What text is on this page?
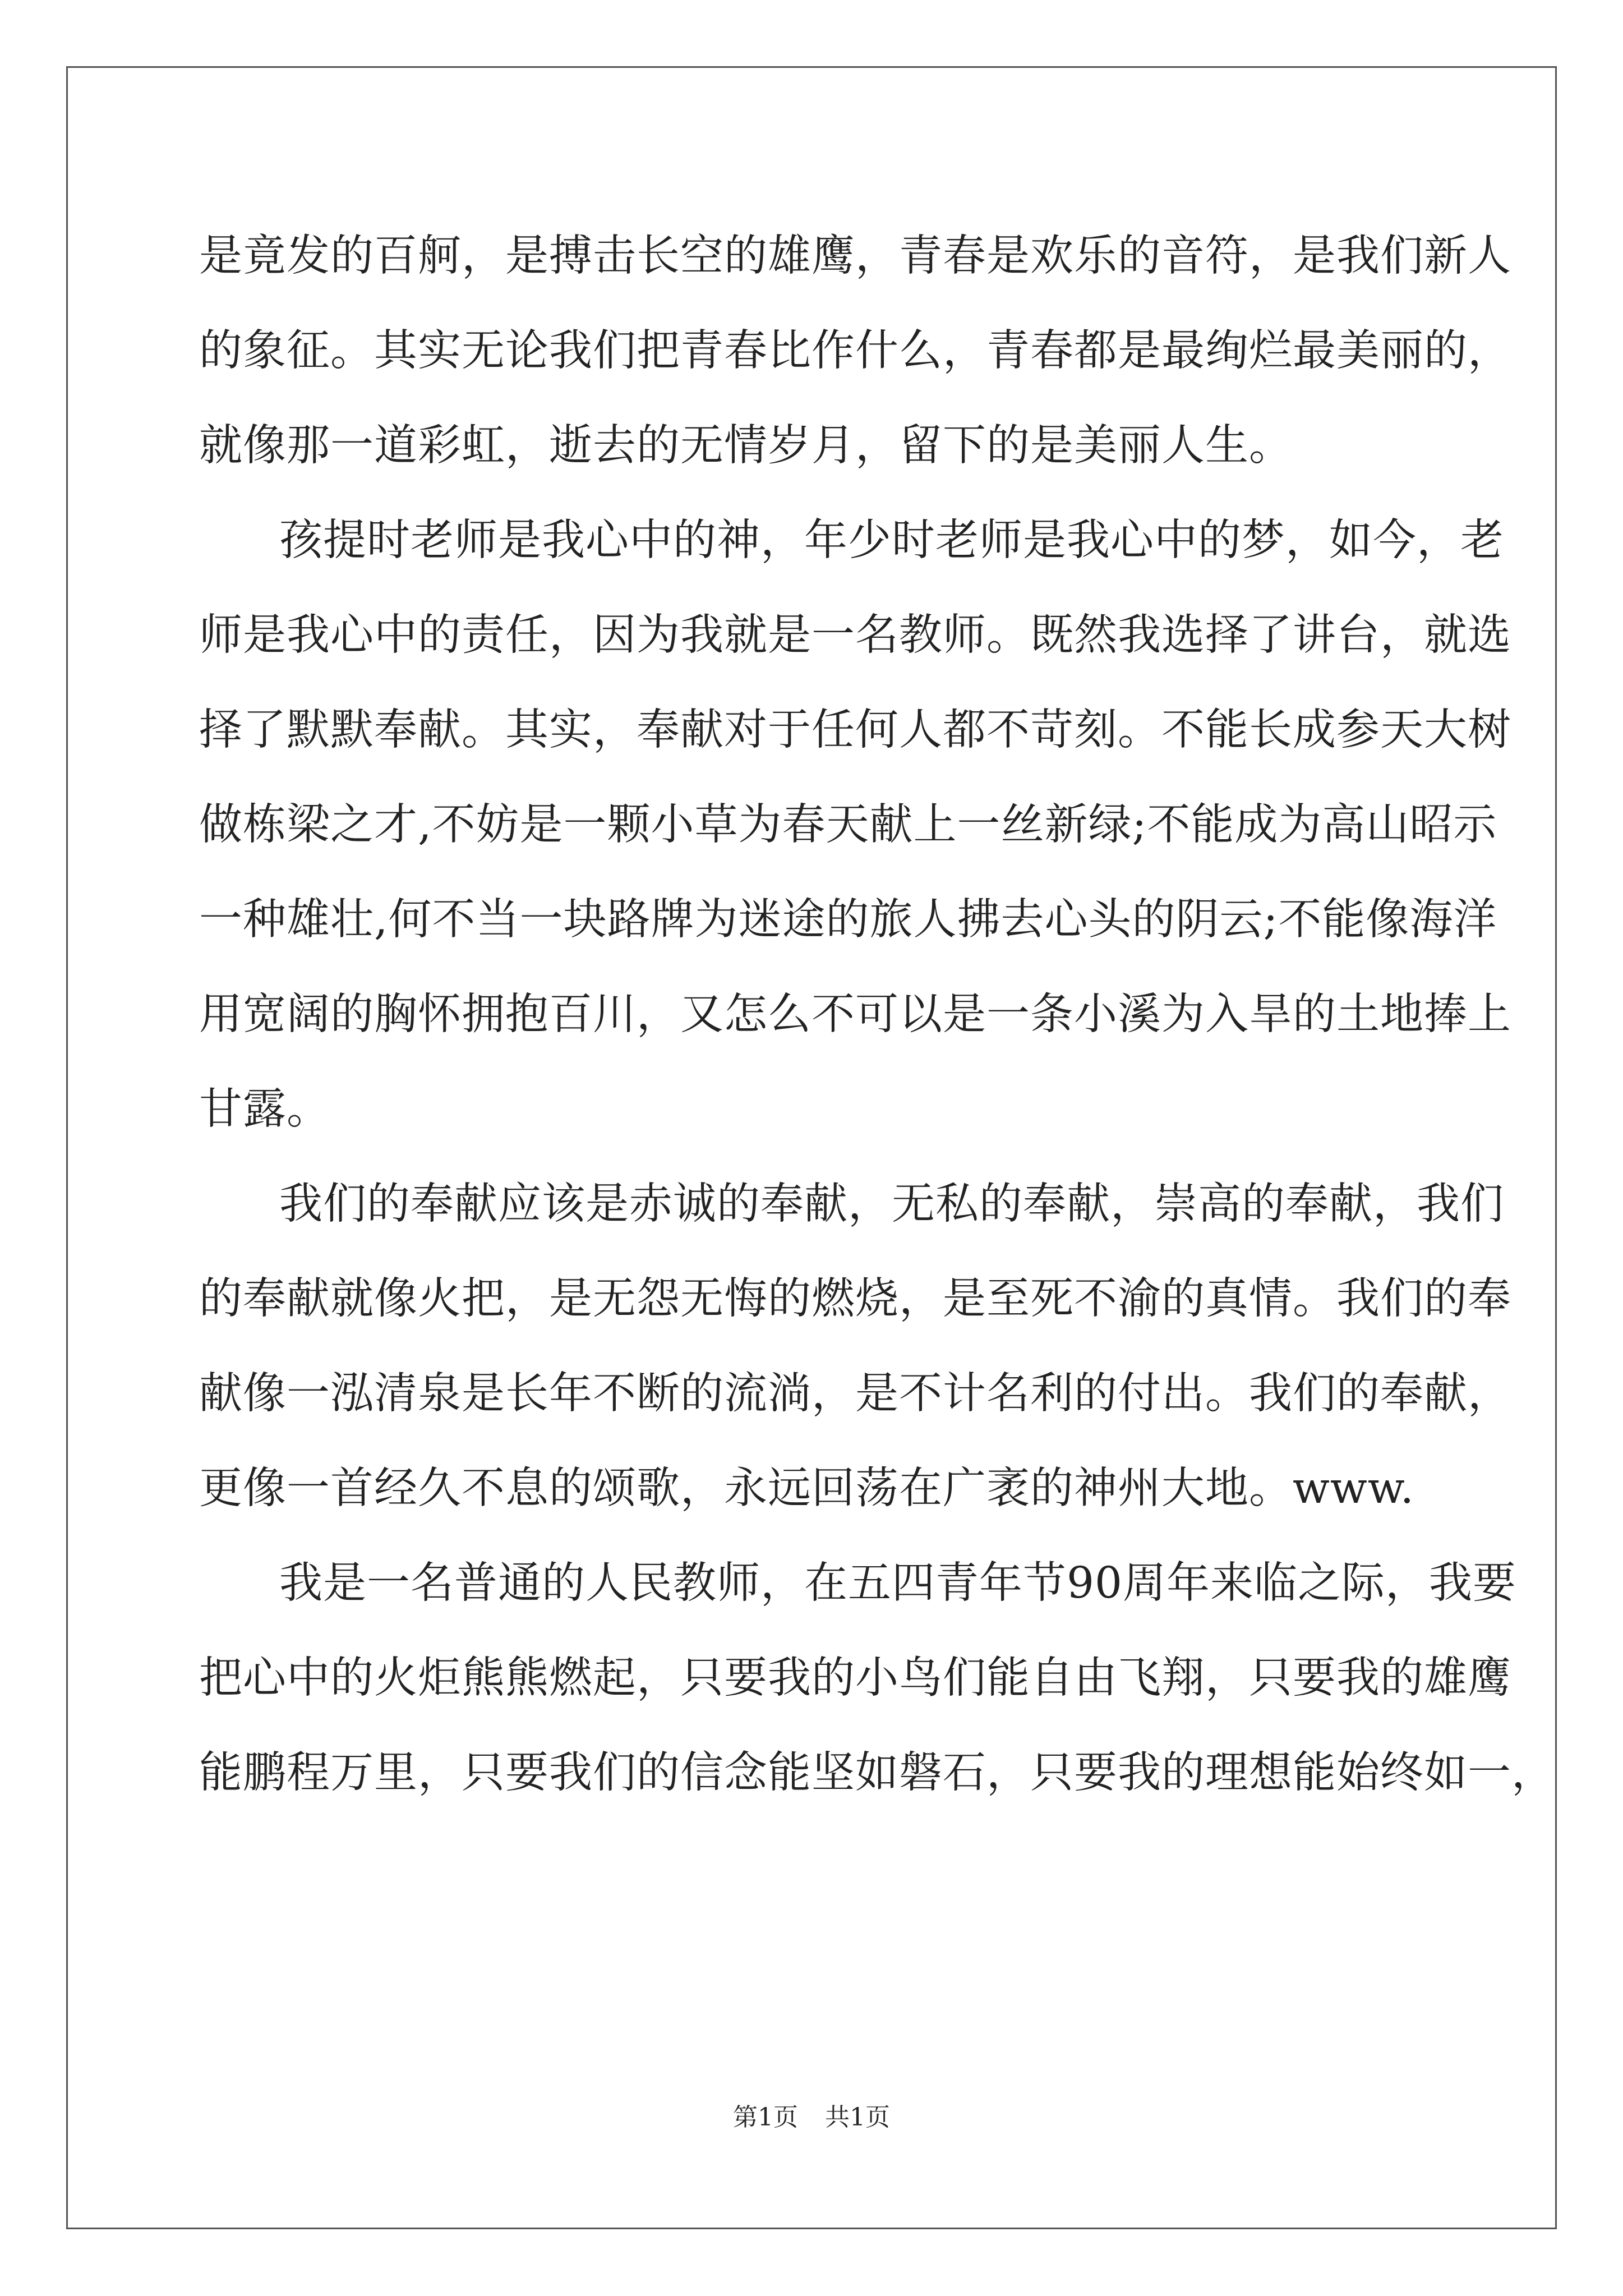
是竟发的百舸，是搏击长空的雄鹰，青春是欢乐的音符，是我们新人
的象征。其实无论我们把青春比作什么，青春都是最绚烂最美丽的，
就像那一道彩虹，逝去的无情岁月，留下的是美丽人生。
孩提时老师是我心中的神，年少时老师是我心中的梦，如今，老
师是我心中的责任，因为我就是一名教师。既然我选择了讲台，就选
择了默默奉献。其实，奉献对于任何人都不苛刻。不能长成参天大树
做栋梁之才,不妨是一颗小草为春天献上一丝新绿;不能成为高山昭示
一种雄壮,何不当一块路牌为迷途的旅人拂去心头的阴云;不能像海洋
用宽阔的胸怀拥抱百川，又怎么不可以是一条小溪为入旱的土地捧上
甘露。
我们的奉献应该是赤诚的奉献，无私的奉献，崇高的奉献，我们
的奉献就像火把，是无怨无悔的燃烧，是至死不渝的真情。我们的奉
献像一泓清泉是长年不断的流淌，是不计名利的付出。我们的奉献，
更像一首经久不息的颂歌，永远回荡在广袤的神州大地。www.
我是一名普通的人民教师，在五四青年节90周年来临之际，我要
把心中的火炬熊熊燃起，只要我的小鸟们能自由飞翔，只要我的雄鹰
能鹏程万里，只要我们的信念能坚如磐石，只要我的理想能始终如一，
第1页 共1页
